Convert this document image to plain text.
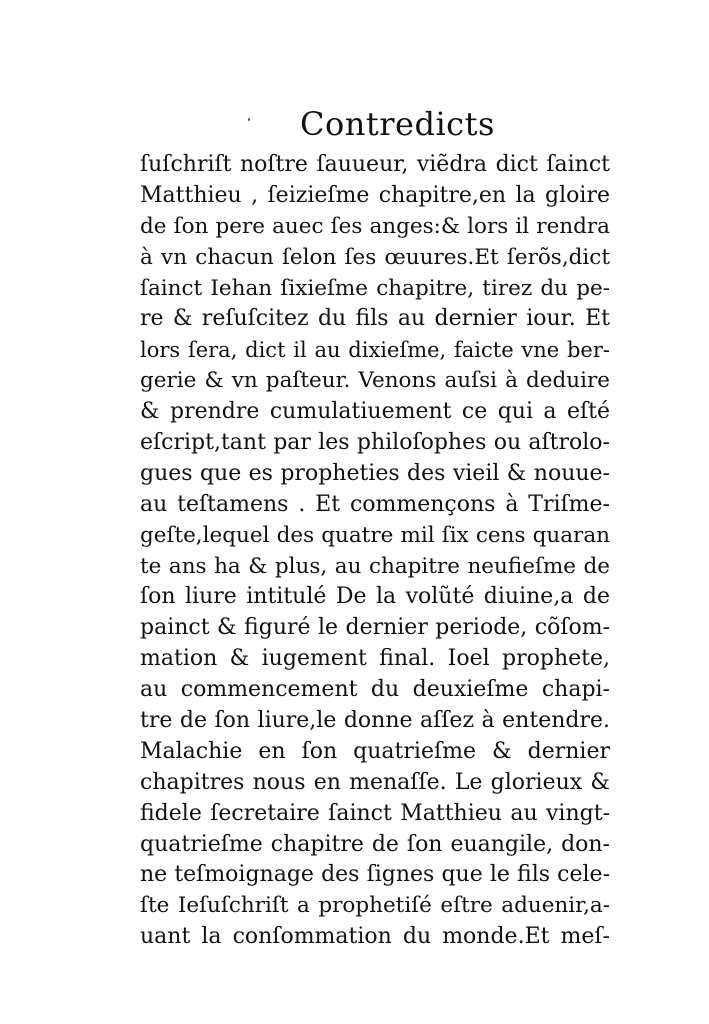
Contredicts
ſuſchriſt noſtre ſauueur, viẽdra dict ſainct
Matthieu , ſeizieſme chapitre,en la gloire
de ſon pere auec ſes anges:& lors il rendra
à vn chacun ſelon ſes œuures.Et ſerõs,dict
ſainct Iehan ſixieſme chapitre, tirez du pe-
re & reſuſcitez du fils au dernier iour. Et
lors ſera, dict il au dixieſme, faicte vne ber-
gerie & vn paſteur. Venons auſsi à deduire
& prendre cumulatiuement ce qui a eſté
eſcript,tant par les philoſophes ou aſtrolo-
gues que es propheties des vieil & nouue-
au teſtamens . Et commençons à Triſme-
geſte,lequel des quatre mil ſix cens quaran
te ans ha & plus, au chapitre neufieſme de
ſon liure intitulé De la volũté diuine,a de
painct & figuré le dernier periode, cõſom-
mation & iugement final. Ioel prophete,
au commencement du deuxieſme chapi-
tre de ſon liure,le donne aſſez à entendre.
Malachie en ſon quatrieſme & dernier
chapitres nous en menaſſe. Le glorieux &
fidele ſecretaire ſainct Matthieu au vingt-
quatrieſme chapitre de ſon euangile, don-
ne teſmoignage des ſignes que le fils cele-
ſte Ieſuſchriſt a prophetiſé eſtre aduenir,a-
uant la conſommation du monde.Et meſ-
